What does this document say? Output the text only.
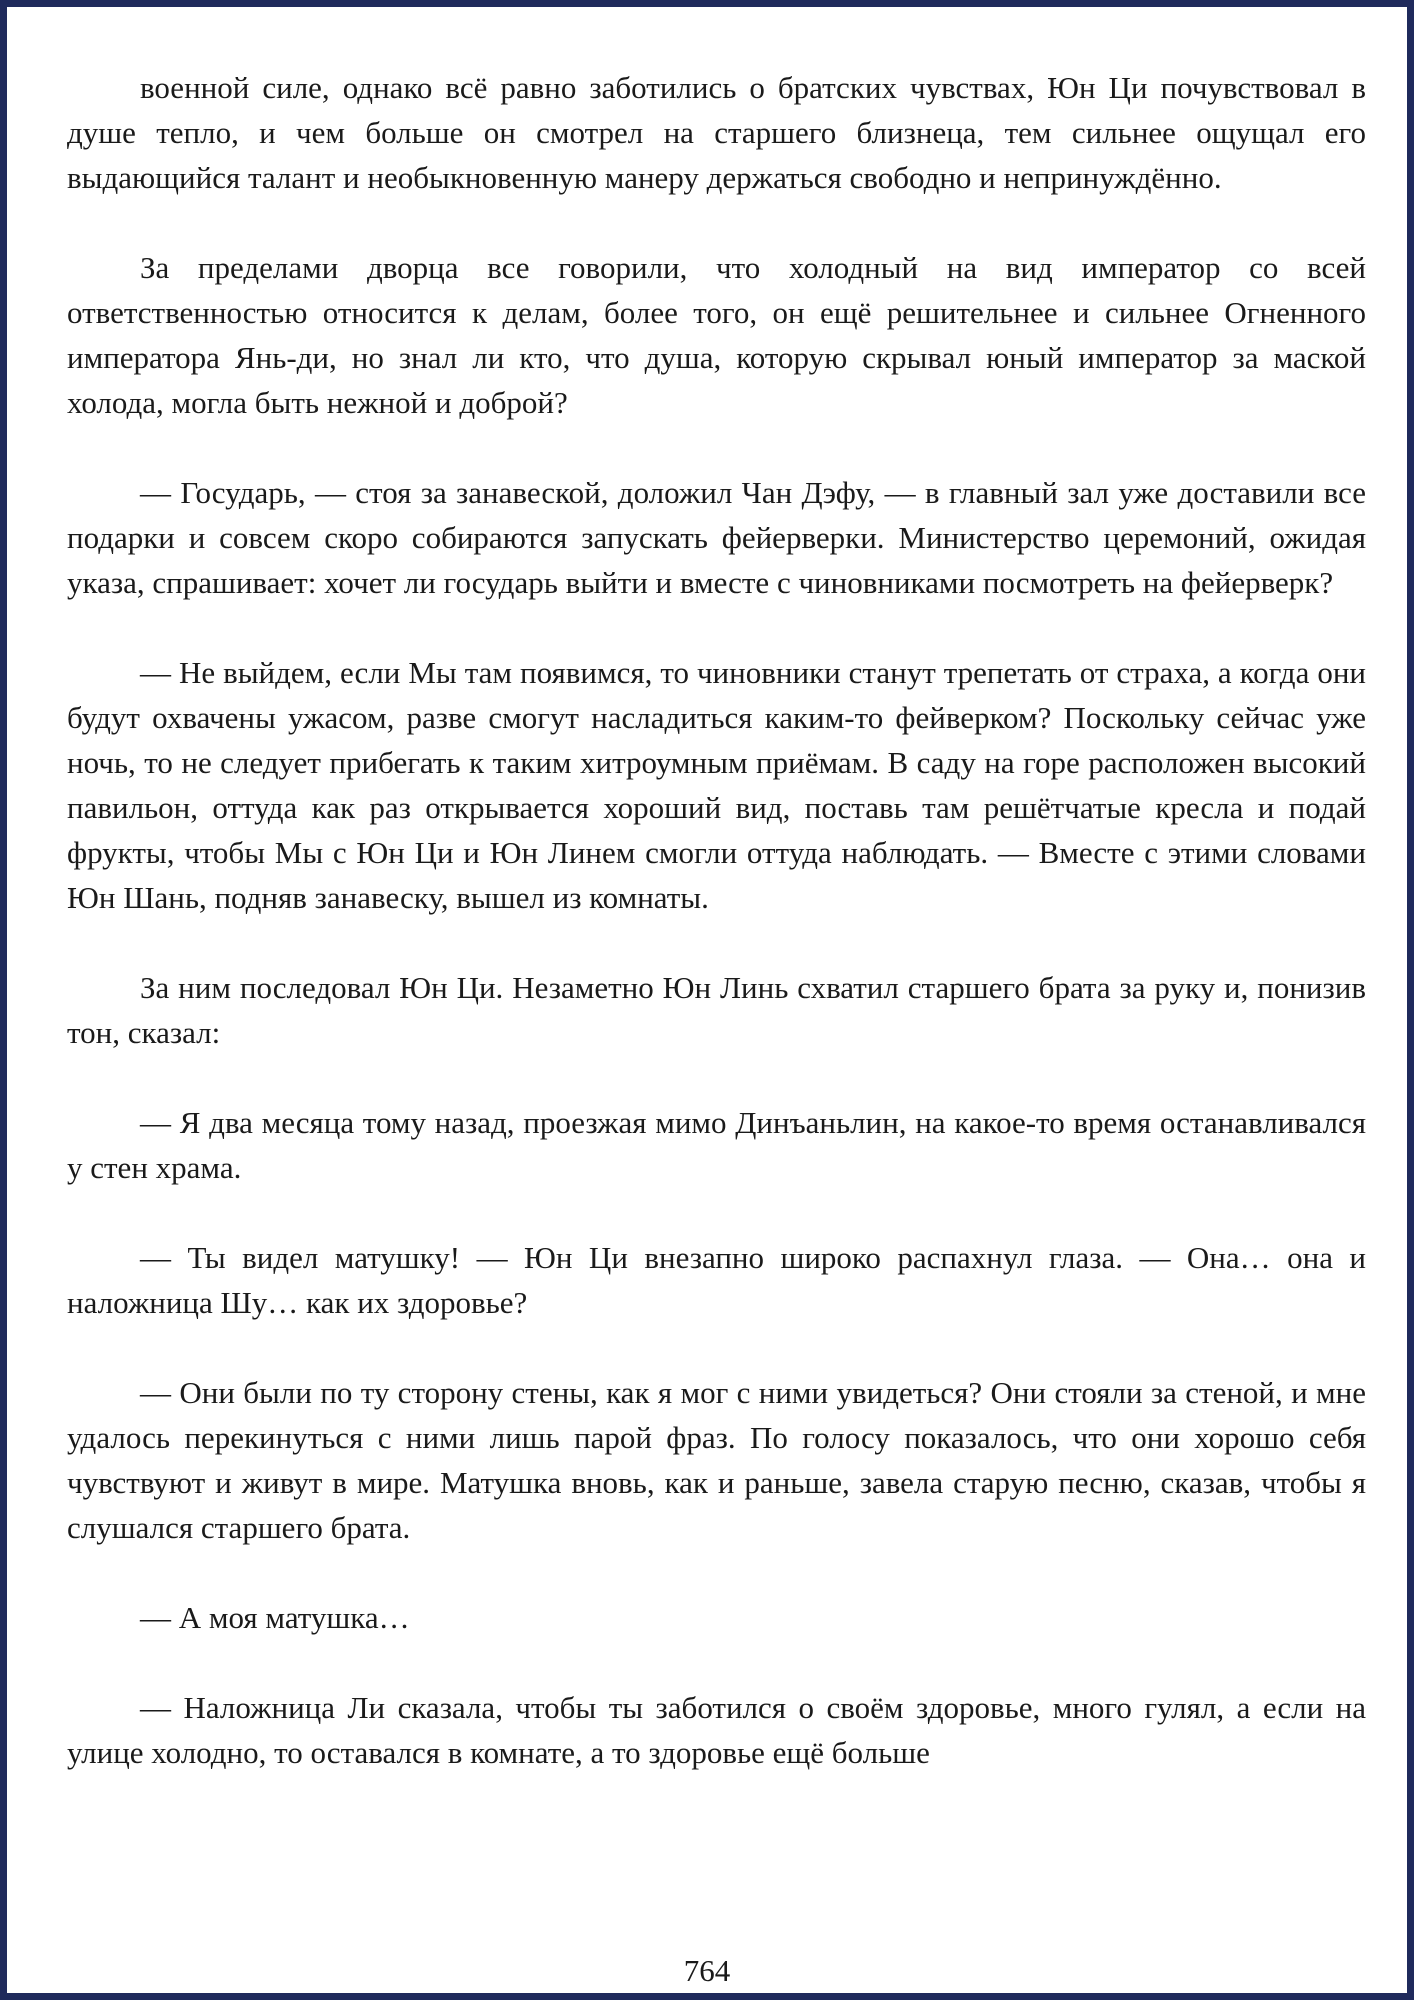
военной силе, однако всё равно заботились о братских чувствах, Юн Ци почувствовал в душе тепло, и чем больше он смотрел на старшего близнеца, тем сильнее ощущал его выдающийся талант и необыкновенную манеру держаться свободно и непринуждённо.

За пределами дворца все говорили, что холодный на вид император со всей ответственностью относится к делам, более того, он ещё решительнее и сильнее Огненного императора Янь-ди, но знал ли кто, что душа, которую скрывал юный император за маской холода, могла быть нежной и доброй?

— Государь, — стоя за занавеской, доложил Чан Дэфу, — в главный зал уже доставили все подарки и совсем скоро собираются запускать фейерверки. Министерство церемоний, ожидая указа, спрашивает: хочет ли государь выйти и вместе с чиновниками посмотреть на фейерверк?

— Не выйдем, если Мы там появимся, то чиновники станут трепетать от страха, а когда они будут охвачены ужасом, разве смогут насладиться каким-то фейверком? Поскольку сейчас уже ночь, то не следует прибегать к таким хитроумным приёмам. В саду на горе расположен высокий павильон, оттуда как раз открывается хороший вид, поставь там решётчатые кресла и подай фрукты, чтобы Мы с Юн Ци и Юн Линем смогли оттуда наблюдать. — Вместе с этими словами Юн Шань, подняв занавеску, вышел из комнаты.

За ним последовал Юн Ци. Незаметно Юн Линь схватил старшего брата за руку и, понизив тон, сказал:

— Я два месяца тому назад, проезжая мимо Динъаньлин, на какое-то время останавливался у стен храма.

— Ты видел матушку! — Юн Ци внезапно широко распахнул глаза. — Она… она и наложница Шу… как их здоровье?

— Они были по ту сторону стены, как я мог с ними увидеться? Они стояли за стеной, и мне удалось перекинуться с ними лишь парой фраз. По голосу показалось, что они хорошо себя чувствуют и живут в мире. Матушка вновь, как и раньше, завела старую песню, сказав, чтобы я слушался старшего брата.

— А моя матушка…

— Наложница Ли сказала, чтобы ты заботился о своём здоровье, много гулял, а если на улице холодно, то оставался в комнате, а то здоровье ещё больше

764
